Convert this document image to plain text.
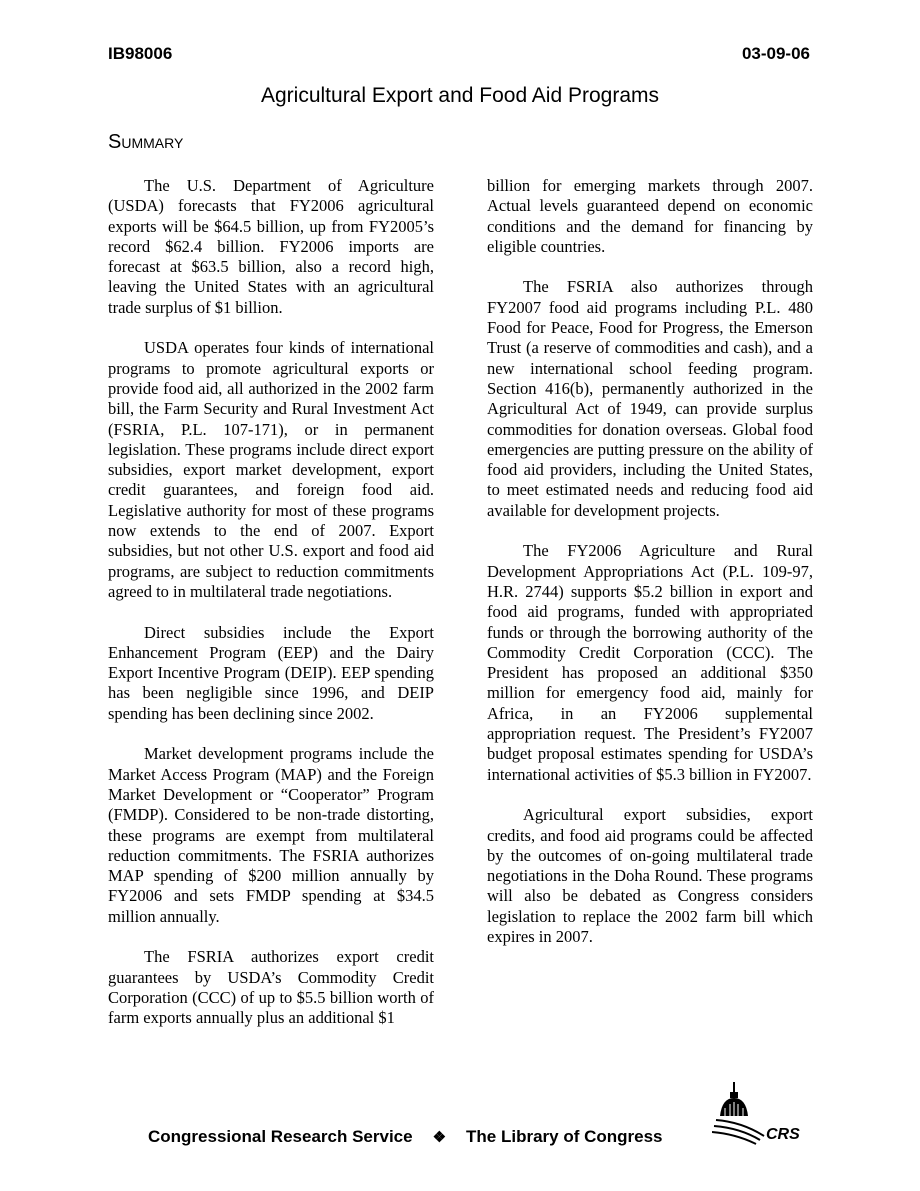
IB98006	03-09-06
Agricultural Export and Food Aid Programs
Summary

The U.S. Department of Agriculture (USDA) forecasts that FY2006 agricultural exports will be $64.5 billion, up from FY2005’s record $62.4 billion. FY2006 imports are forecast at $63.5 billion, also a record high, leaving the United States with an agricultural trade surplus of $1 billion.

USDA operates four kinds of international programs to promote agricultural exports or provide food aid, all authorized in the 2002 farm bill, the Farm Security and Rural Investment Act (FSRIA, P.L. 107-171), or in permanent legislation. These programs include direct export subsidies, export market development, export credit guarantees, and foreign food aid. Legislative authority for most of these programs now extends to the end of 2007. Export subsidies, but not other U.S. export and food aid programs, are subject to reduction commitments agreed to in multilateral trade negotiations.

Direct subsidies include the Export Enhancement Program (EEP) and the Dairy Export Incentive Program (DEIP). EEP spending has been negligible since 1996, and DEIP spending has been declining since 2002.

Market development programs include the Market Access Program (MAP) and the Foreign Market Development or “Cooperator” Program (FMDP). Considered to be non-trade distorting, these programs are exempt from multilateral reduction commitments. The FSRIA authorizes MAP spending of $200 million annually by FY2006 and sets FMDP spending at $34.5 million annually.

The FSRIA authorizes export credit guarantees by USDA’s Commodity Credit Corporation (CCC) of up to $5.5 billion worth of farm exports annually plus an additional $1

billion for emerging markets through 2007. Actual levels guaranteed depend on economic conditions and the demand for financing by eligible countries.

The FSRIA also authorizes through FY2007 food aid programs including P.L. 480 Food for Peace, Food for Progress, the Emerson Trust (a reserve of commodities and cash), and a new international school feeding program. Section 416(b), permanently authorized in the Agricultural Act of 1949, can provide surplus commodities for donation overseas. Global food emergencies are putting pressure on the ability of food aid providers, including the United States, to meet estimated needs and reducing food aid available for development projects.

The FY2006 Agriculture and Rural Development Appropriations Act (P.L. 109-97, H.R. 2744) supports $5.2 billion in export and food aid programs, funded with appropriated funds or through the borrowing authority of the Commodity Credit Corporation (CCC). The President has proposed an additional $350 million for emergency food aid, mainly for Africa, in an FY2006 supplemental appropriation request. The President’s FY2007 budget proposal estimates spending for USDA’s international activities of $5.3 billion in FY2007.

Agricultural export subsidies, export credits, and food aid programs could be affected by the outcomes of on-going multilateral trade negotiations in the Doha Round. These programs will also be debated as Congress considers legislation to replace the 2002 farm bill which expires in 2007.

Congressional Research Service ❖ The Library of Congress	CRS
